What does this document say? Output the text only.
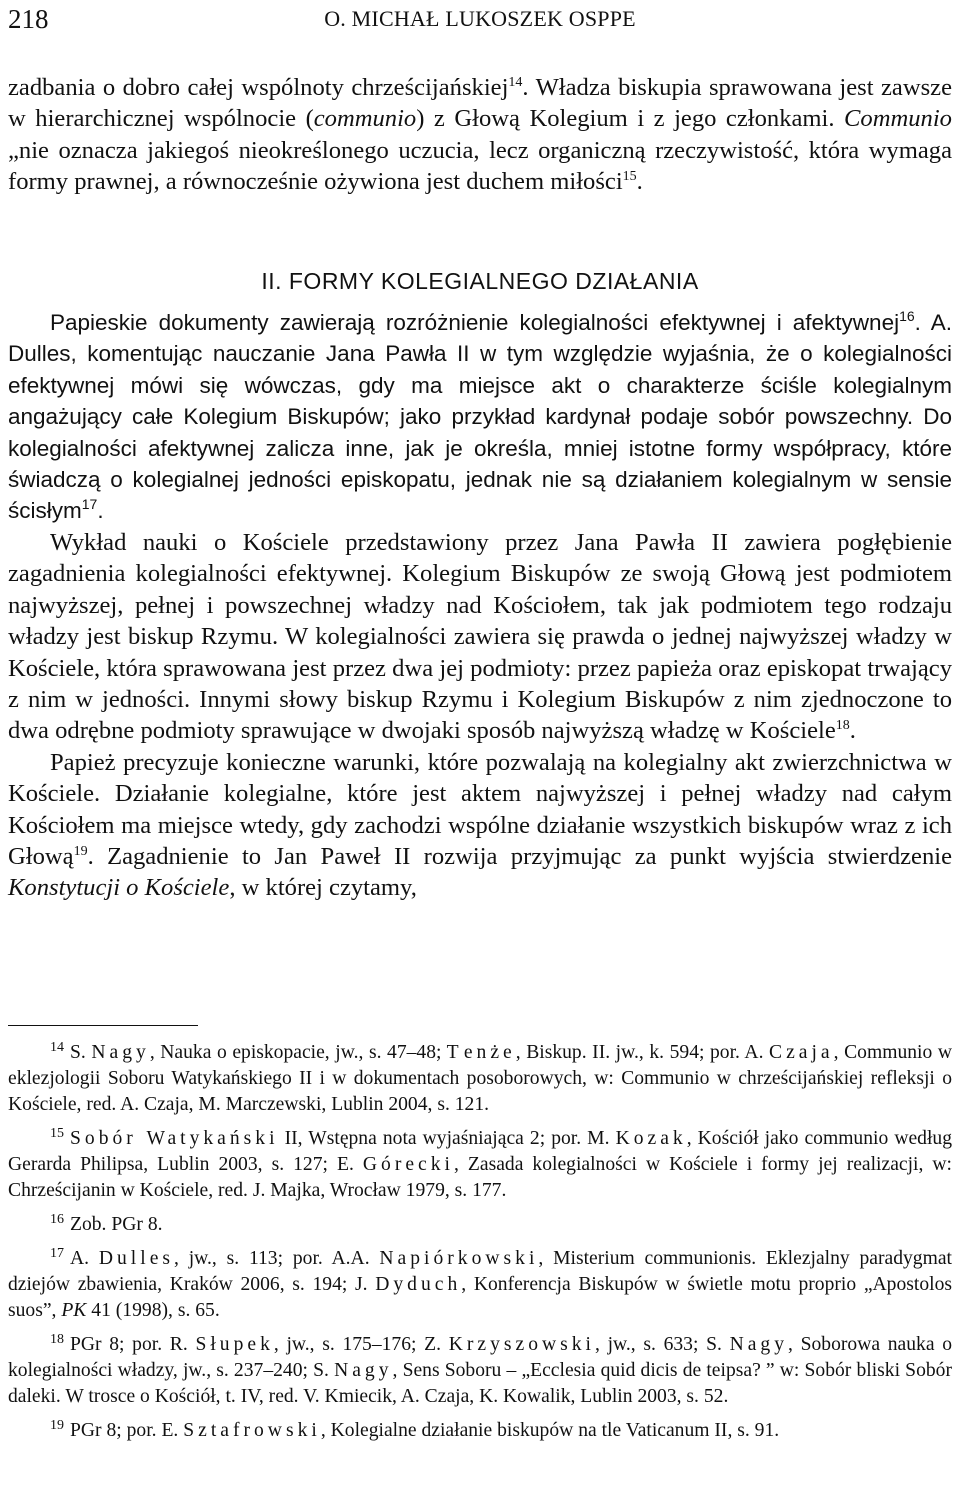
218	O. MICHAŁ LUKOSZEK OSPPE

zadbania o dobro całej wspólnoty chrześcijańskiej$^{14}$. Władza biskupia sprawowana jest zawsze w hierarchicznej wspólnocie (communio) z Głową Kolegium i z jego członkami. Communio „nie oznacza jakiegoś nieokreślonego uczucia, lecz organiczną rzeczywistość, która wymaga formy prawnej, a równocześnie ożywiona jest duchem miłości$^{15}$.

II. FORMY KOLEGIALNEGO DZIAŁANIA

Papieskie dokumenty zawierają rozróżnienie kolegialności efektywnej i afektywnej$^{16}$. A. Dulles, komentując nauczanie Jana Pawła II w tym względzie wyjaśnia, że o kolegialności efektywnej mówi się wówczas, gdy ma miejsce akt o charakterze ściśle kolegialnym angażujący całe Kolegium Biskupów; jako przykład kardynał podaje sobór powszechny. Do kolegialności afektywnej zalicza inne, jak je określa, mniej istotne formy współpracy, które świadczą o kolegialnej jedności episkopatu, jednak nie są działaniem kolegialnym w sensie ścisłym$^{17}$.

Wykład nauki o Kościele przedstawiony przez Jana Pawła II zawiera pogłębienie zagadnienia kolegialności efektywnej. Kolegium Biskupów ze swoją Głową jest podmiotem najwyższej, pełnej i powszechnej władzy nad Kościołem, tak jak podmiotem tego rodzaju władzy jest biskup Rzymu. W kolegialności zawiera się prawda o jednej najwyższej władzy w Kościele, która sprawowana jest przez dwa jej podmioty: przez papieża oraz episkopat trwający z nim w jedności. Innymi słowy biskup Rzymu i Kolegium Biskupów z nim zjednoczone to dwa odrębne podmioty sprawujące w dwojaki sposób najwyższą władzę w Kościele$^{18}$.

Papież precyzuje konieczne warunki, które pozwalają na kolegialny akt zwierzchnictwa w Kościele. Działanie kolegialne, które jest aktem najwyższej i pełnej władzy nad całym Kościołem ma miejsce wtedy, gdy zachodzi wspólne działanie wszystkich biskupów wraz z ich Głową$^{19}$. Zagadnienie to Jan Paweł II rozwija przyjmując za punkt wyjścia stwierdzenie Konstytucji o Kościele, w której czytamy,

$^{14}$ S. Nagy, Nauka o episkopacie, jw., s. 47–48; T enże, Biskup. II. jw., k. 594; por. A. Czaja, Communio w eklezjologii Soboru Watykańskiego II i w dokumentach posoborowych, w: Communio w chrześcijańskiej refleksji o Kościele, red. A. Czaja, M. Marczewski, Lublin 2004, s. 121.

$^{15}$ Sobór Watykański II, Wstępna nota wyjaśniająca 2; por. M. Kozak, Kościół jako communio według Gerarda Philipsa, Lublin 2003, s. 127; E. Górecki, Zasada kolegialności w Kościele i formy jej realizacji, w: Chrześcijanin w Kościele, red. J. Majka, Wrocław 1979, s. 177.

$^{16}$ Zob. PGr 8.

$^{17}$ A. Dulles, jw., s. 113; por. A.A. Napiórkowski, Misterium communionis. Eklezjalny paradygmat dziejów zbawienia, Kraków 2006, s. 194; J. Dyduch, Konferencja Biskupów w świetle motu proprio „Apostolos suos”, PK 41 (1998), s. 65.

$^{18}$ PGr 8; por. R. Słupek, jw., s. 175–176; Z. Krzyszowski, jw., s. 633; S. Nagy, Soborowa nauka o kolegialności władzy, jw., s. 237–240; S. Nagy, Sens Soboru – „Ecclesia quid dicis de teipsa? ” w: Sobór bliski Sobór daleki. W trosce o Kościół, t. IV, red. V. Kmiecik, A. Czaja, K. Kowalik, Lublin 2003, s. 52.

$^{19}$ PGr 8; por. E. Sztafrowski, Kolegialne działanie biskupów na tle Vaticanum II, s. 91.
